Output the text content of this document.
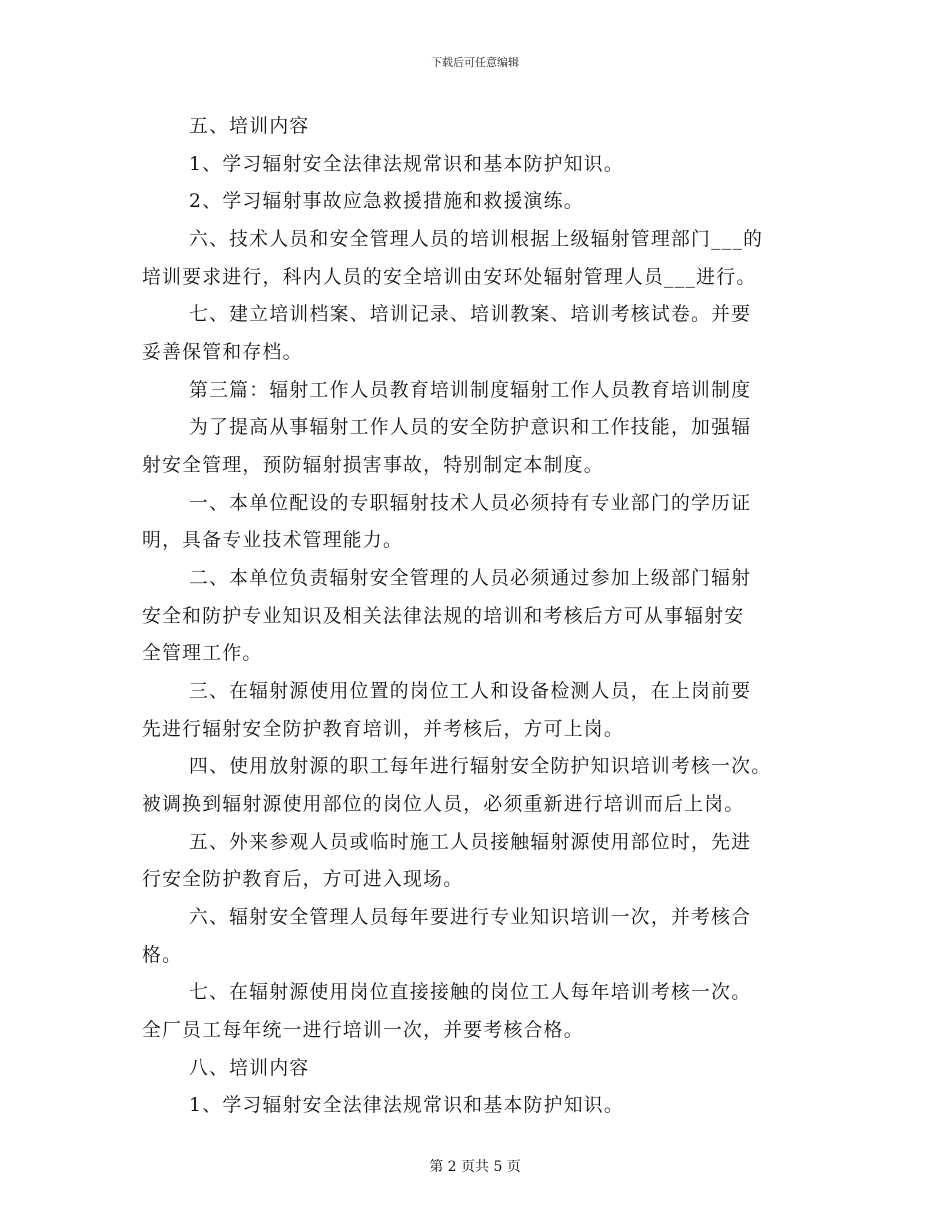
下载后可任意编辑
五、培训内容
1、学习辐射安全法律法规常识和基本防护知识。
2、学习辐射事故应急救援措施和救援演练。
六、技术人员和安全管理人员的培训根据上级辐射管理部门___的
培训要求进行，科内人员的安全培训由安环处辐射管理人员___进行。
七、建立培训档案、培训记录、培训教案、培训考核试卷。并要
妥善保管和存档。
第三篇：辐射工作人员教育培训制度辐射工作人员教育培训制度
为了提高从事辐射工作人员的安全防护意识和工作技能，加强辐
射安全管理，预防辐射损害事故，特别制定本制度。
一、本单位配设的专职辐射技术人员必须持有专业部门的学历证
明，具备专业技术管理能力。
二、本单位负责辐射安全管理的人员必须通过参加上级部门辐射
安全和防护专业知识及相关法律法规的培训和考核后方可从事辐射安
全管理工作。
三、在辐射源使用位置的岗位工人和设备检测人员，在上岗前要
先进行辐射安全防护教育培训，并考核后，方可上岗。
四、使用放射源的职工每年进行辐射安全防护知识培训考核一次。
被调换到辐射源使用部位的岗位人员，必须重新进行培训而后上岗。
五、外来参观人员或临时施工人员接触辐射源使用部位时，先进
行安全防护教育后，方可进入现场。
六、辐射安全管理人员每年要进行专业知识培训一次，并考核合
格。
七、在辐射源使用岗位直接接触的岗位工人每年培训考核一次。
全厂员工每年统一进行培训一次，并要考核合格。
八、培训内容
1、学习辐射安全法律法规常识和基本防护知识。
第 2 页共 5 页
